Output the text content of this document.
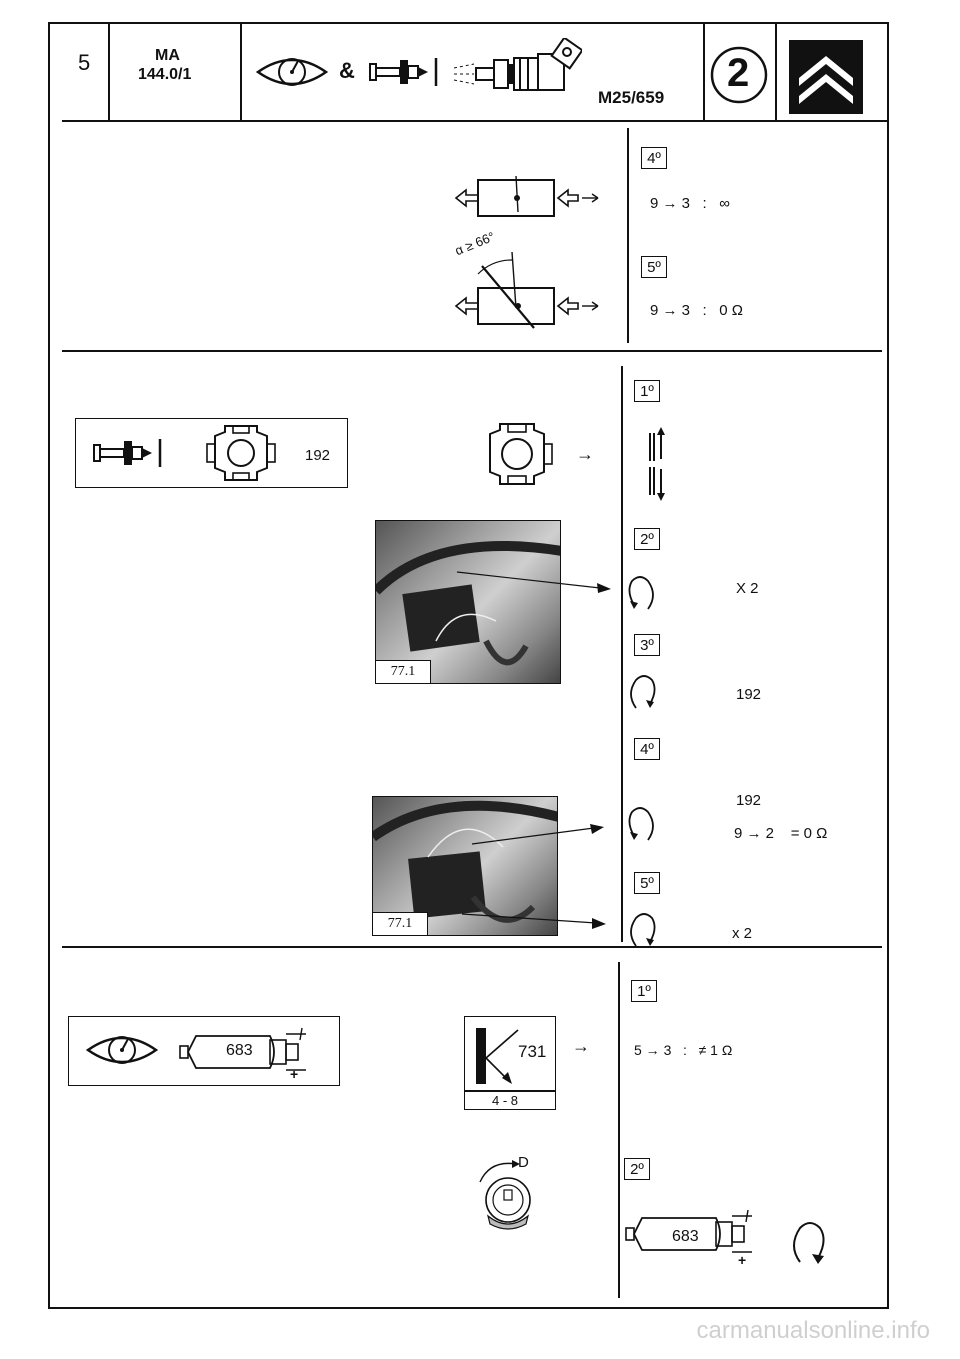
5	MA
144.0/1	&
M25/659
2
α ≥ 66°
4º
9 → 3   :   ∞
5º
9 → 3   :   0 Ω
192	→
77.1
77.1
1º
2º
X 2
3º
192
4º
192
9 → 2    = 0 Ω
5º
x 2
683
+
731
4 - 8
→
D
1º
5 → 3   :   ≠ 1 Ω
2º
683
+
carmanualsonline.info
